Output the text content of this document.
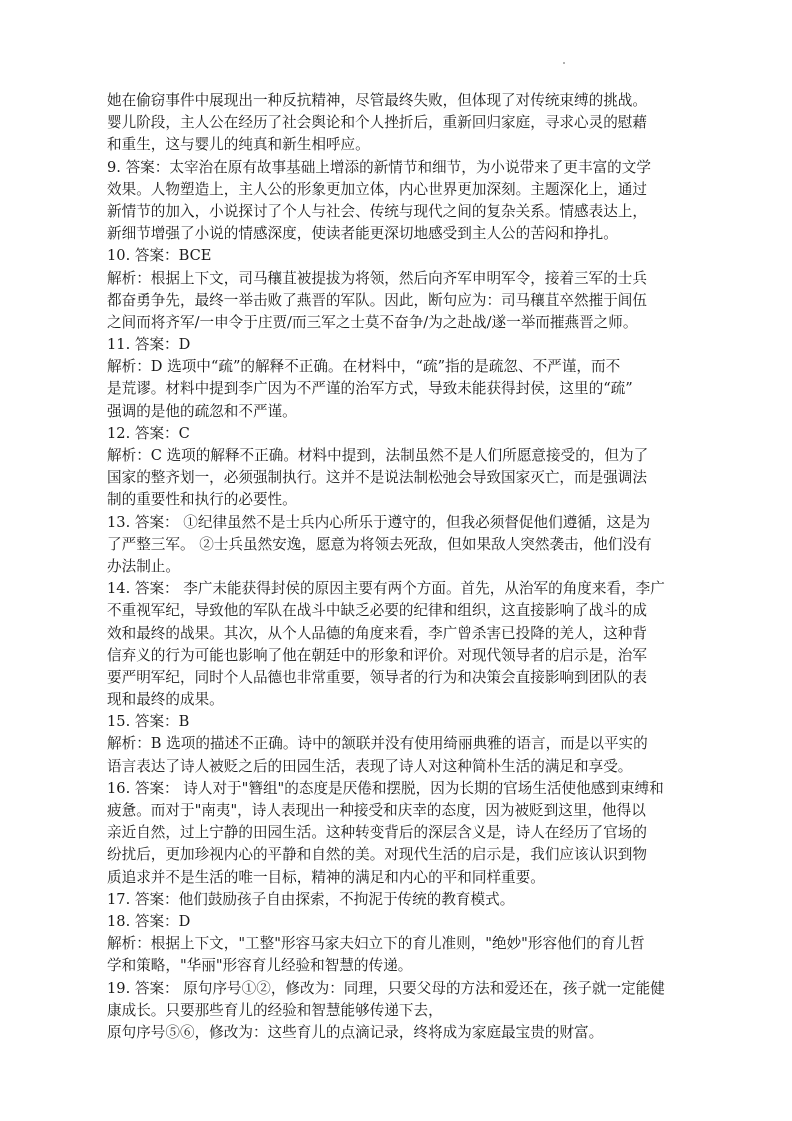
她在偷窃事件中展现出一种反抗精神，尽管最终失败，但体现了对传统束缚的挑战。
婴儿阶段，主人公在经历了社会舆论和个人挫折后，重新回归家庭，寻求心灵的慰藉
和重生，这与婴儿的纯真和新生相呼应。
9. 答案：太宰治在原有故事基础上增添的新情节和细节，为小说带来了更丰富的文学
效果。人物塑造上，主人公的形象更加立体，内心世界更加深刻。主题深化上，通过
新情节的加入，小说探讨了个人与社会、传统与现代之间的复杂关系。情感表达上，
新细节增强了小说的情感深度，使读者能更深切地感受到主人公的苦闷和挣扎。
10. 答案：BCE
解析：根据上下文，司马穰苴被提拔为将领，然后向齐军申明军令，接着三军的士兵
都奋勇争先，最终一举击败了燕晋的军队。因此，断句应为：司马穰苴卒然摧于闾伍
之间而将齐军/一申令于庄贾/而三军之士莫不奋争/为之赴战/遂一举而摧燕晋之师。
11. 答案：D
解析：D 选项中“疏”的解释不正确。在材料中，“疏”指的是疏忽、不严谨，而不
是荒谬。材料中提到李广因为不严谨的治军方式，导致未能获得封侯，这里的“疏”
强调的是他的疏忽和不严谨。
12. 答案：C
解析：C 选项的解释不正确。材料中提到，法制虽然不是人们所愿意接受的，但为了
国家的整齐划一，必须强制执行。这并不是说法制松弛会导致国家灭亡，而是强调法
制的重要性和执行的必要性。
13. 答案： ①纪律虽然不是士兵内心所乐于遵守的，但我必须督促他们遵循，这是为
了严整三军。 ②士兵虽然安逸，愿意为将领去死敌，但如果敌人突然袭击，他们没有
办法制止。
14. 答案： 李广未能获得封侯的原因主要有两个方面。首先，从治军的角度来看，李广
不重视军纪，导致他的军队在战斗中缺乏必要的纪律和组织，这直接影响了战斗的成
效和最终的战果。其次，从个人品德的角度来看，李广曾杀害已投降的羌人，这种背
信弃义的行为可能也影响了他在朝廷中的形象和评价。对现代领导者的启示是，治军
要严明军纪，同时个人品德也非常重要，领导者的行为和决策会直接影响到团队的表
现和最终的成果。
15. 答案：B
解析：B 选项的描述不正确。诗中的颔联并没有使用绮丽典雅的语言，而是以平实的
语言表达了诗人被贬之后的田园生活，表现了诗人对这种简朴生活的满足和享受。
16. 答案： 诗人对于"簪组"的态度是厌倦和摆脱，因为长期的官场生活使他感到束缚和
疲惫。而对于"南夷"，诗人表现出一种接受和庆幸的态度，因为被贬到这里，他得以
亲近自然，过上宁静的田园生活。这种转变背后的深层含义是，诗人在经历了官场的
纷扰后，更加珍视内心的平静和自然的美。对现代生活的启示是，我们应该认识到物
质追求并不是生活的唯一目标，精神的满足和内心的平和同样重要。
17. 答案：他们鼓励孩子自由探索，不拘泥于传统的教育模式。
18. 答案：D
解析：根据上下文，"工整"形容马家夫妇立下的育儿准则，"绝妙"形容他们的育儿哲
学和策略，"华丽"形容育儿经验和智慧的传递。
19. 答案： 原句序号①②，修改为：同理，只要父母的方法和爱还在，孩子就一定能健
康成长。只要那些育儿的经验和智慧能够传递下去，
原句序号⑤⑥，修改为：这些育儿的点滴记录，终将成为家庭最宝贵的财富。
